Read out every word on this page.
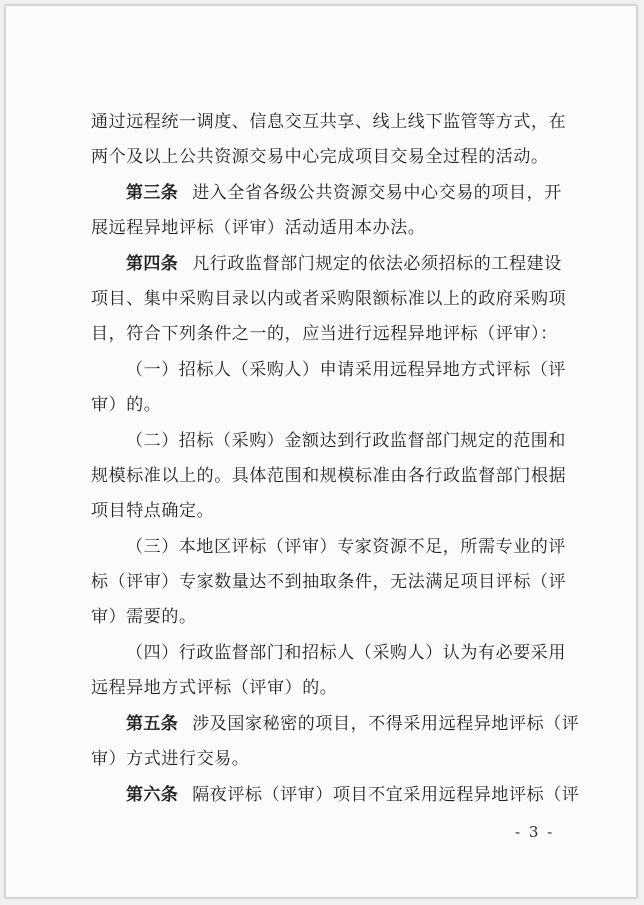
通过远程统一调度、信息交互共享、线上线下监管等方式，在
两个及以上公共资源交易中心完成项目交易全过程的活动。
第三条 进入全省各级公共资源交易中心交易的项目，开
展远程异地评标（评审）活动适用本办法。
第四条 凡行政监督部门规定的依法必须招标的工程建设
项目、集中采购目录以内或者采购限额标准以上的政府采购项
目，符合下列条件之一的，应当进行远程异地评标（评审）：
（一）招标人（采购人）申请采用远程异地方式评标（评
审）的。
（二）招标（采购）金额达到行政监督部门规定的范围和
规模标准以上的。具体范围和规模标准由各行政监督部门根据
项目特点确定。
（三）本地区评标（评审）专家资源不足，所需专业的评
标（评审）专家数量达不到抽取条件，无法满足项目评标（评
审）需要的。
（四）行政监督部门和招标人（采购人）认为有必要采用
远程异地方式评标（评审）的。
第五条 涉及国家秘密的项目，不得采用远程异地评标（评
审）方式进行交易。
第六条 隔夜评标（评审）项目不宜采用远程异地评标（评
- 3 -
